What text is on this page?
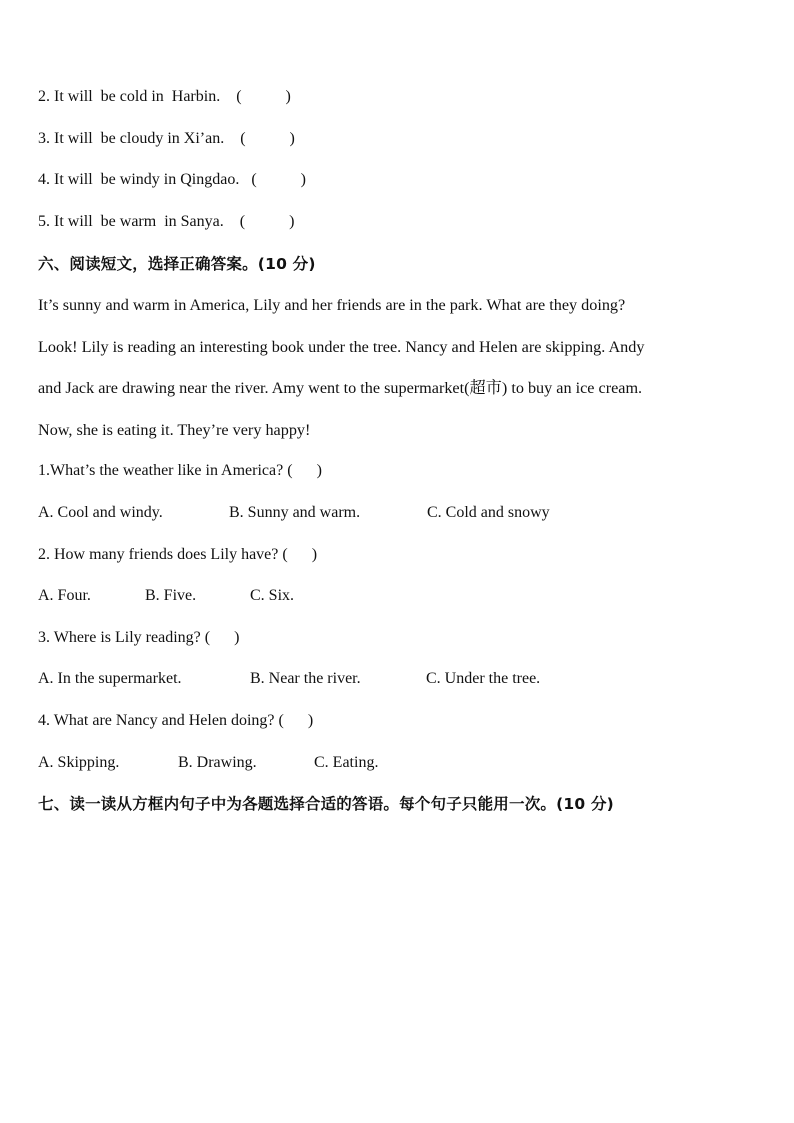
2. It will  be cold in  Harbin.    (           )
3. It will  be cloudy in Xi’an.    (           )
4. It will  be windy in Qingdao.   (           )
5. It will  be warm  in Sanya.    (           )
六、阅读短文，选择正确答案。(10 分)
It’s sunny and warm in America, Lily and her friends are in the park. What are they doing?
Look! Lily is reading an interesting book under the tree. Nancy and Helen are skipping. Andy
and Jack are drawing near the river. Amy went to the supermarket(超市) to buy an ice cream.
Now, she is eating it. They’re very happy!
1.What’s the weather like in America? (      )
A. Cool and windy.	B. Sunny and warm.	C. Cold and snowy
2. How many friends does Lily have? (      )
A. Four.	B. Five.	C. Six.
3. Where is Lily reading? (      )
A. In the supermarket.	B. Near the river.	C. Under the tree.
4. What are Nancy and Helen doing? (      )
A. Skipping.	B. Drawing.	C. Eating.
七、读一读从方框内句子中为各题选择合适的答语。每个句子只能用一次。(10 分)
